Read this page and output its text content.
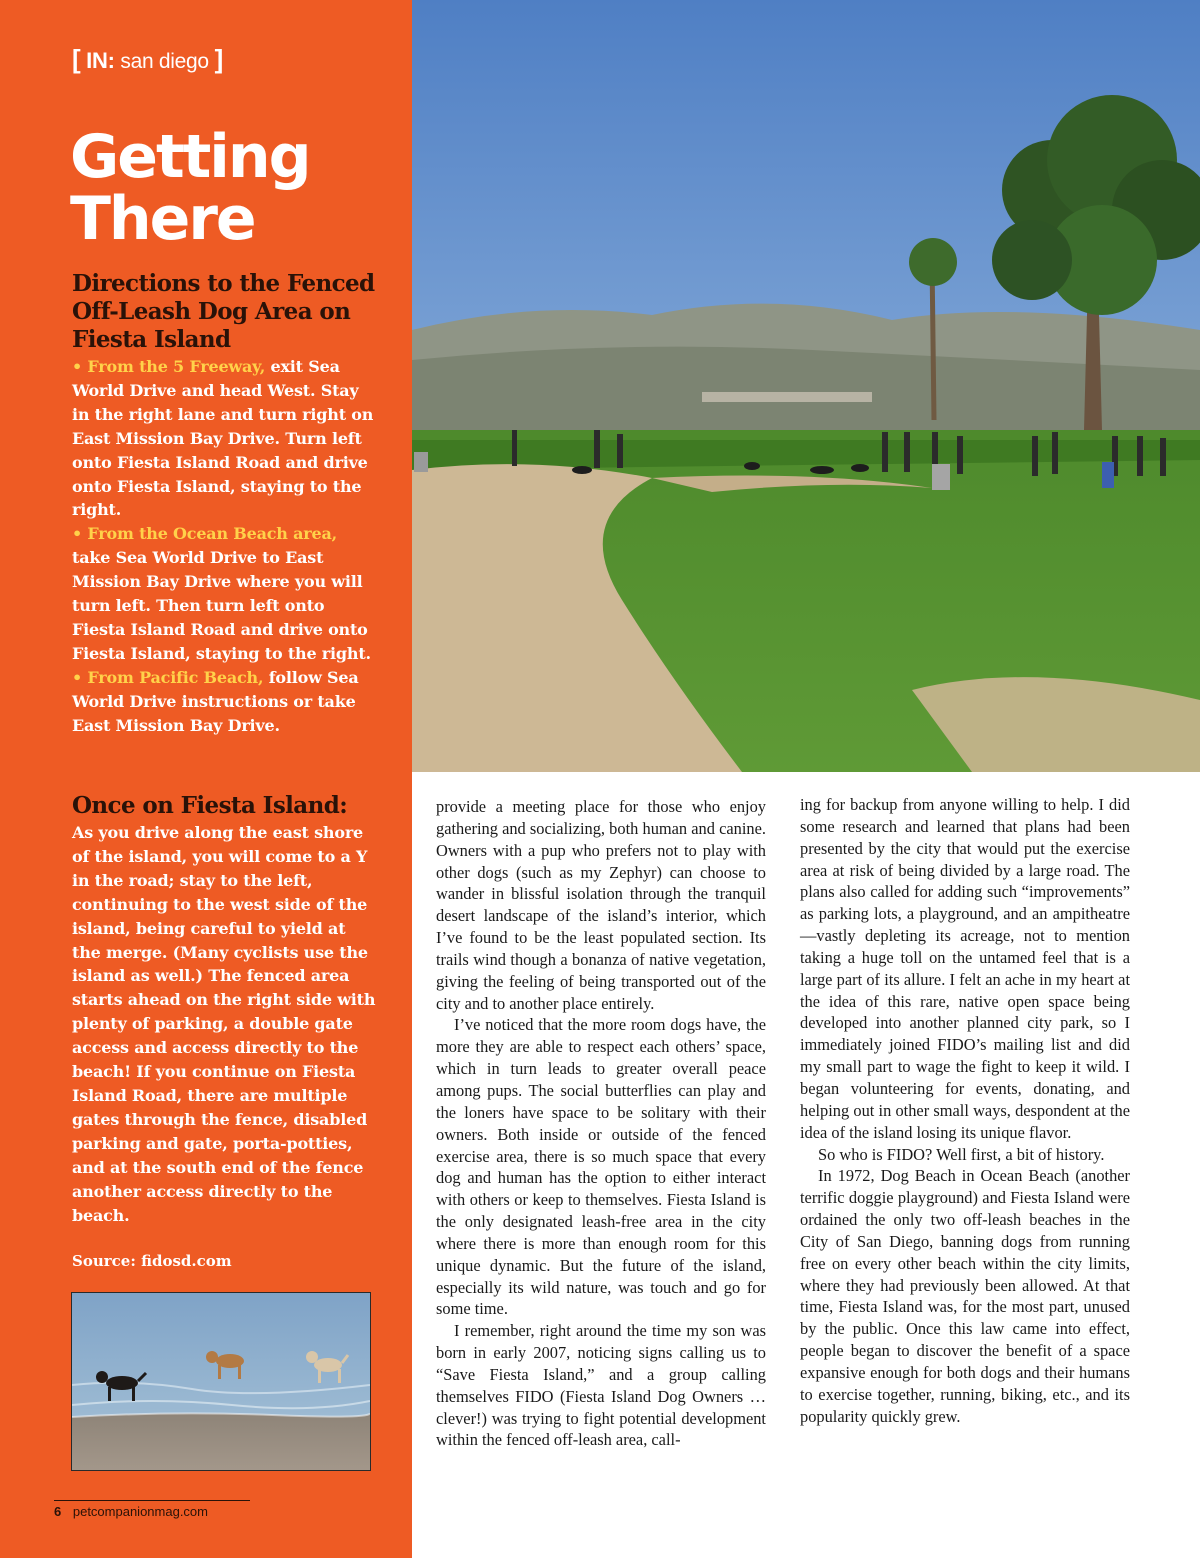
[ IN: san diego ]
Getting
There
Directions to the Fenced Off-Leash Dog Area on Fiesta Island
• From the 5 Freeway, exit Sea World Drive and head West. Stay in the right lane and turn right on East Mission Bay Drive. Turn left onto Fiesta Island Road and drive onto Fiesta Island, staying to the right.
• From the Ocean Beach area, take Sea World Drive to East Mission Bay Drive where you will turn left. Then turn left onto Fiesta Island Road and drive onto Fiesta Island, staying to the right.
• From Pacific Beach, follow Sea World Drive instructions or take East Mission Bay Drive.
Once on Fiesta Island:
As you drive along the east shore of the island, you will come to a Y in the road; stay to the left, continuing to the west side of the island, being careful to yield at the merge. (Many cyclists use the island as well.) The fenced area starts ahead on the right side with plenty of parking, a double gate access and access directly to the beach! If you continue on Fiesta Island Road, there are multiple gates through the fence, disabled parking and gate, porta-potties, and at the south end of the fence another access directly to the beach.
Source: fidosd.com
6 petcompanionmag.com

provide a meeting place for those who enjoy gathering and socializing, both human and canine. Owners with a pup who prefers not to play with other dogs (such as my Zephyr) can choose to wander in blissful isolation through the tranquil desert landscape of the island’s interior, which I’ve found to be the least populated section. Its trails wind though a bonanza of native vegetation, giving the feeling of being transported out of the city and to another place entirely.

I’ve noticed that the more room dogs have, the more they are able to respect each others’ space, which in turn leads to greater overall peace among pups. The social butterflies can play and the loners have space to be solitary with their owners. Both inside or outside of the fenced exercise area, there is so much space that every dog and human has the option to either interact with others or keep to themselves. Fiesta Island is the only designated leash-free area in the city where there is more than enough room for this unique dynamic. But the future of the island, especially its wild nature, was touch and go for some time.

I remember, right around the time my son was born in early 2007, noticing signs calling us to “Save Fiesta Island,” and a group calling themselves FIDO (Fiesta Island Dog Owners … clever!) was trying to fight potential development within the fenced off-leash area, call-

ing for backup from anyone willing to help. I did some research and learned that plans had been presented by the city that would put the exercise area at risk of being divided by a large road. The plans also called for adding such “improvements” as parking lots, a playground, and an ampitheatre—vastly depleting its acreage, not to mention taking a huge toll on the untamed feel that is a large part of its allure. I felt an ache in my heart at the idea of this rare, native open space being developed into another planned city park, so I immediately joined FIDO’s mailing list and did my small part to wage the fight to keep it wild. I began volunteering for events, donating, and helping out in other small ways, despondent at the idea of the island losing its unique flavor.

So who is FIDO? Well first, a bit of history.

In 1972, Dog Beach in Ocean Beach (another terrific doggie playground) and Fiesta Island were ordained the only two off-leash beaches in the City of San Diego, banning dogs from running free on every other beach within the city limits, where they had previously been allowed. At that time, Fiesta Island was, for the most part, unused by the public. Once this law came into effect, people began to discover the benefit of a space expansive enough for both dogs and their humans to exercise together, running, biking, etc., and its popularity quickly grew.
